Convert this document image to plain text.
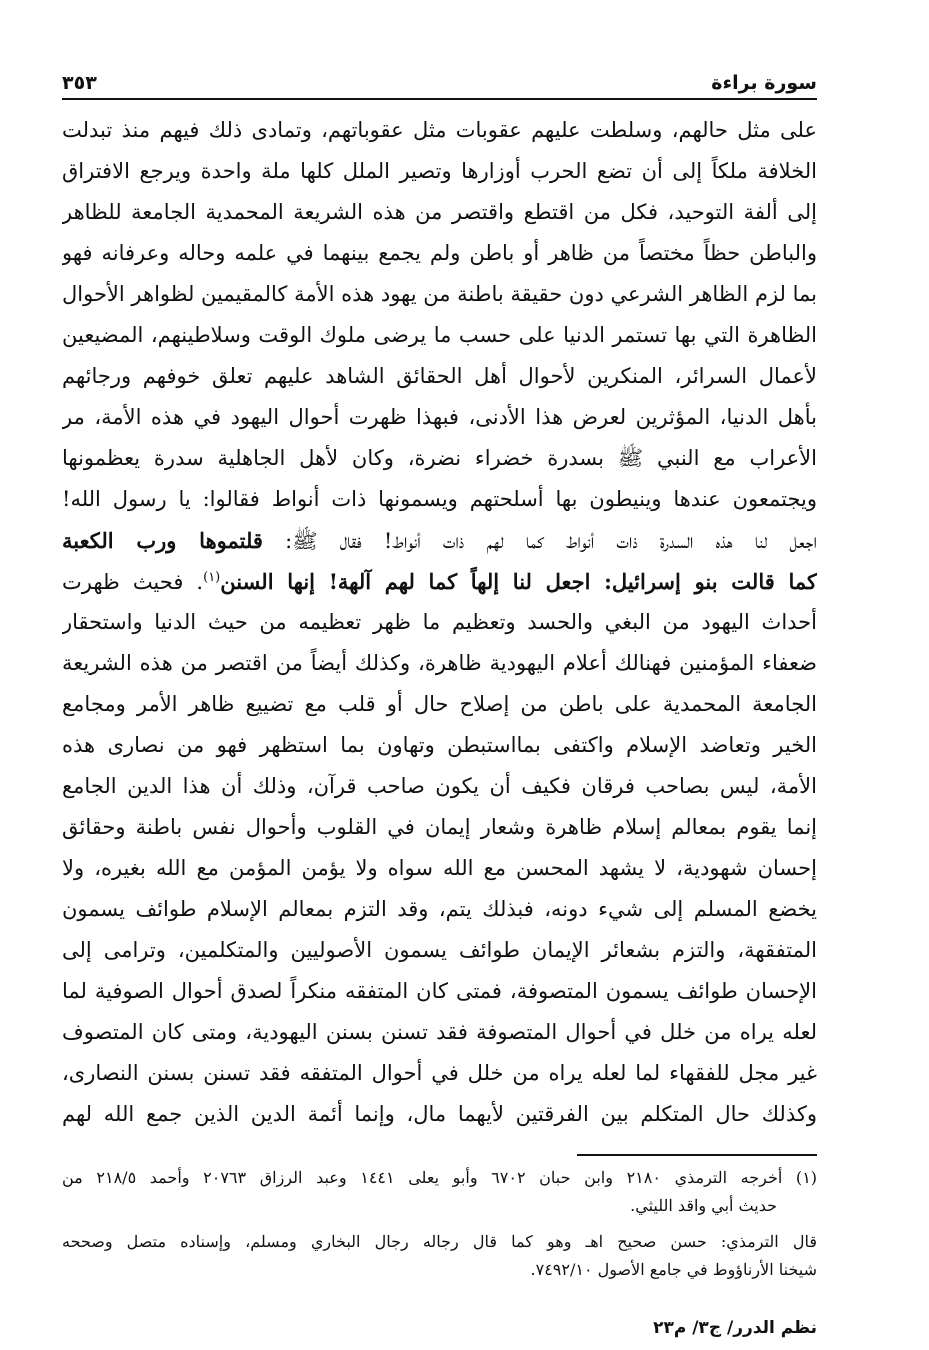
سورة براءة
٣٥٣
على مثل حالهم، وسلطت عليهم عقوبات مثل عقوباتهم، وتمادى ذلك فيهم منذ تبدلت
الخلافة ملكاً إلى أن تضع الحرب أوزارها وتصير الملل كلها ملة واحدة ويرجع الافتراق
إلى ألفة التوحيد، فكل من اقتطع واقتصر من هذه الشريعة المحمدية الجامعة للظاهر
والباطن حظاً مختصاً من ظاهر أو باطن ولم يجمع بينهما في علمه وحاله وعرفانه فهو
بما لزم الظاهر الشرعي دون حقيقة باطنة من يهود هذه الأمة كالمقيمين لظواهر الأحوال
الظاهرة التي بها تستمر الدنيا على حسب ما يرضى ملوك الوقت وسلاطينهم، المضيعين
لأعمال السرائر، المنكرين لأحوال أهل الحقائق الشاهد عليهم تعلق خوفهم ورجائهم
بأهل الدنيا، المؤثرين لعرض هذا الأدنى، فبهذا ظهرت أحوال اليهود في هذه الأمة، مر
الأعراب مع النبي ﷺ بسدرة خضراء نضرة، وكان لأهل الجاهلية سدرة يعظمونها
ويجتمعون عندها وينيطون بها أسلحتهم ويسمونها ذات أنواط فقالوا: يا رسول الله!
اجعل لنا هذه السدرة ذات أنواط كما لهم ذات أنواط! فقال ﷺ: قلتموها ورب الكعبة
كما قالت بنو إسرائيل: اجعل لنا إلهاً كما لهم آلهة! إنها السنن$^{(١)}$. فحيث ظهرت
أحداث اليهود من البغي والحسد وتعظيم ما ظهر تعظيمه من حيث الدنيا واستحقار
ضعفاء المؤمنين فهنالك أعلام اليهودية ظاهرة، وكذلك أيضاً من اقتصر من هذه الشريعة
الجامعة المحمدية على باطن من إصلاح حال أو قلب مع تضييع ظاهر الأمر ومجامع
الخير وتعاضد الإسلام واكتفى بمااستبطن وتهاون بما استظهر فهو من نصارى هذه
الأمة، ليس بصاحب فرقان فكيف أن يكون صاحب قرآن، وذلك أن هذا الدين الجامع
إنما يقوم بمعالم إسلام ظاهرة وشعار إيمان في القلوب وأحوال نفس باطنة وحقائق
إحسان شهودية، لا يشهد المحسن مع الله سواه ولا يؤمن المؤمن مع الله بغيره، ولا
يخضع المسلم إلى شيء دونه، فبذلك يتم، وقد التزم بمعالم الإسلام طوائف يسمون
المتفقهة، والتزم بشعائر الإيمان طوائف يسمون الأصوليين والمتكلمين، وترامى إلى
الإحسان طوائف يسمون المتصوفة، فمتى كان المتفقه منكراً لصدق أحوال الصوفية لما
لعله يراه من خلل في أحوال المتصوفة فقد تسنن بسنن اليهودية، ومتى كان المتصوف
غير مجل للفقهاء لما لعله يراه من خلل في أحوال المتفقه فقد تسنن بسنن النصارى،
وكذلك حال المتكلم بين الفرقتين لأيهما مال، وإنما أئمة الدين الذين جمع الله لهم
(١) أخرجه الترمذي ٢١٨٠ وابن حبان ٦٧٠٢ وأبو يعلى ١٤٤١ وعبد الرزاق ٢٠٧٦٣ وأحمد ٢١٨/٥ من
حديث أبي واقد الليثي.
قال الترمذي: حسن صحيح اهـ وهو كما قال رجاله رجال البخاري ومسلم، وإسناده متصل وصححه
شيخنا الأرناؤوط في جامع الأصول ٧٤٩٢/١٠.
نظم الدرر/ ج٣/ م٢٣
